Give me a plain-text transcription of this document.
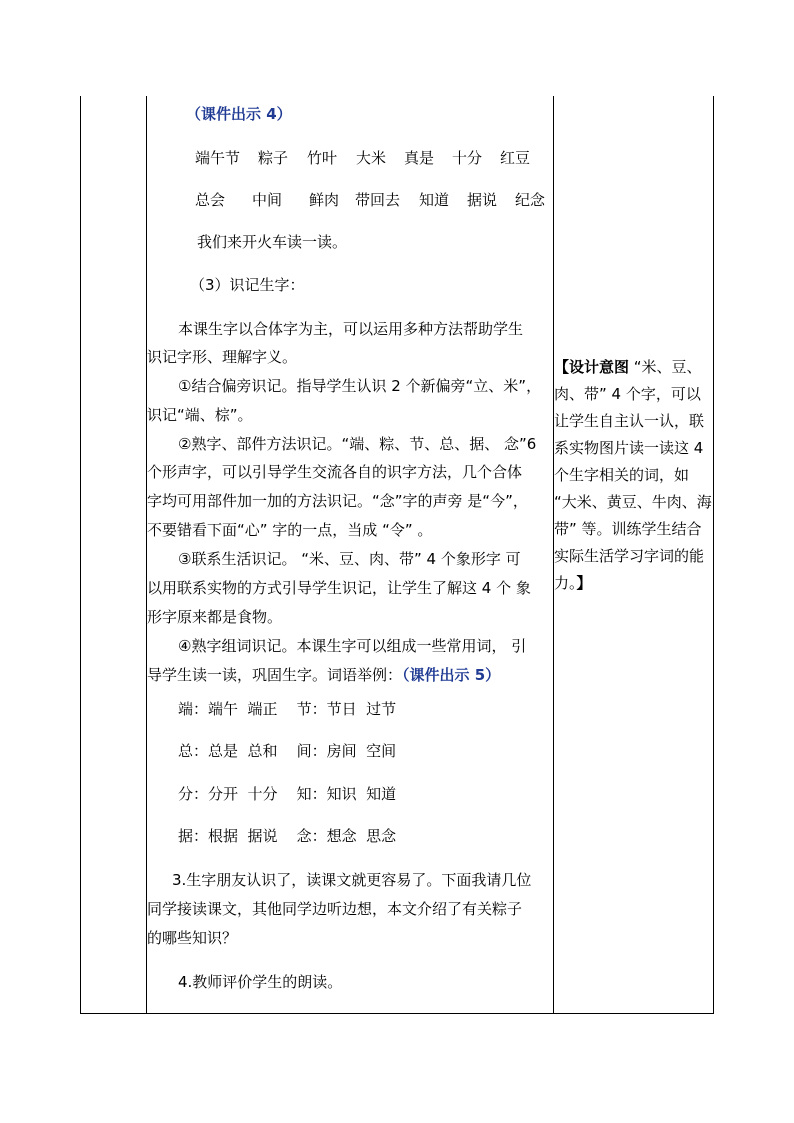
（课件出示 4）
端午节 粽子 竹叶 大米 真是 十分 红豆
总会 中间 鲜肉 带回去 知道 据说 纪念
我们来开火车读一读。
（3）识记生字：
本课生字以合体字为主，可以运用多种方法帮助学生
识记字形、理解字义。
①结合偏旁识记。指导学生认识 2 个新偏旁“立、米”，
识记“端、棕”。
②熟字、部件方法识记。“端、粽、节、总、据、 念”6
个形声字，可以引导学生交流各自的识字方法，几个合体
字均可用部件加一加的方法识记。“念”字的声旁 是“今”，
不要错看下面“心” 字的一点，当成 “令” 。
③联系生活识记。 “米、豆、肉、带” 4 个象形字 可
以用联系实物的方式引导学生识记，让学生了解这 4 个 象
形字原来都是食物。
④熟字组词识记。本课生字可以组成一些常用词， 引
导学生读一读，巩固生字。词语举例：（课件出示 5）
端：端午  端正    节：节日  过节
总：总是  总和    间：房间  空间
分：分开  十分    知：知识  知道
据：根据  据说    念：想念  思念
3.生字朋友认识了，读课文就更容易了。下面我请几位
同学接读课文，其他同学边听边想，本文介绍了有关粽子
的哪些知识？
4.教师评价学生的朗读。
【设计意图 “米、豆、肉、带” 4 个字，可以让学生自主认一认，联系实物图片读一读这 4 个生字相关的词，如 “大米、黄豆、牛肉、海带” 等。训练学生结合实际生活学习字词的能力。】
